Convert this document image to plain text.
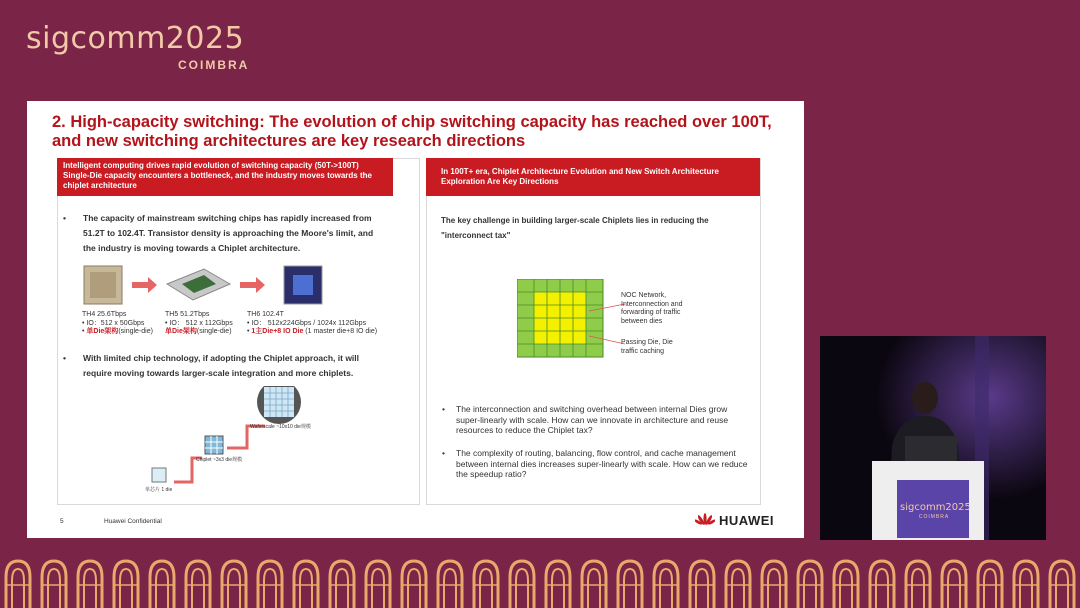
sigcomm2025
COIMBRA
2. High-capacity switching: The evolution of chip switching capacity has reached over 100T, and new switching architectures are key research directions
Intelligent computing drives rapid evolution of switching capacity (50T->100T) Single-Die capacity encounters a bottleneck, and the industry moves towards the chiplet architecture
• The capacity of mainstream switching chips has rapidly increased from 51.2T to 102.4T. Transistor density is approaching the Moore's limit, and the industry is moving towards a Chiplet architecture.
TH4 25.6Tbps
• IO：512 x 50Gbps
• 单Die架构(single-die)
TH5 51.2Tbps
• IO： 512 x 112Gbps
单Die架构(single-die)
TH6 102.4T
• IO： 512x224Gbps / 1024x 112Gbps
• 1主Die+8 IO Die (1 master die+8 IO die)
• With limited chip technology, if adopting the Chiplet approach, it will require moving towards larger-scale integration and more chiplets.
单芯片 1 die
Chiplet ~3x3 die规模
Waferscale ~10x10 die规模
In 100T+ era, Chiplet Architecture Evolution and New Switch Architecture Exploration Are Key Directions
The key challenge in building larger-scale Chiplets lies in reducing the "interconnect tax"
NOC Network, Interconnection and forwarding of traffic between dies
Passing Die, Die traffic caching
• The interconnection and switching overhead between internal Dies grow super-linearly with scale. How can we innovate in architecture and reuse resources to reduce the Chiplet tax?
• The complexity of routing, balancing, flow control, and cache management between internal dies increases super-linearly with scale. How can we reduce the speedup ratio?
5	Huawei Confidential	HUAWEI
sigcomm2025
COIMBRA
